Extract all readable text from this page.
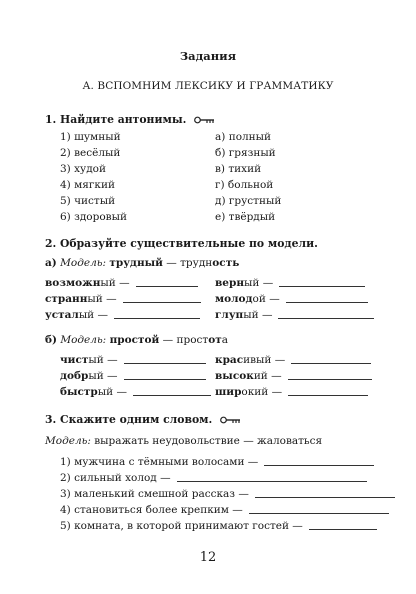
Задания
А. ВСПОМНИМ ЛЕКСИКУ И ГРАММАТИКУ
1. Найдите антонимы.
1) шумный
2) весёлый
3) худой
4) мягкий
5) чистый
6) здоровый
а) полный
б) грязный
в) тихий
г) больной
д) грустный
е) твёрдый
2. Образуйте существительные по модели.
а) Модель: трудный — трудность
возможный —
странный —
усталый —
верный —
молодой —
глупый —
б) Модель: простой — простота
чистый —
добрый —
быстрый —
красивый —
высокий —
широкий —
3. Скажите одним словом.
Модель: выражать неудовольствие — жаловаться
1) мужчина с тёмными волосами —
2) сильный холод —
3) маленький смешной рассказ —
4) становиться более крепким —
5) комната, в которой принимают гостей —
12
